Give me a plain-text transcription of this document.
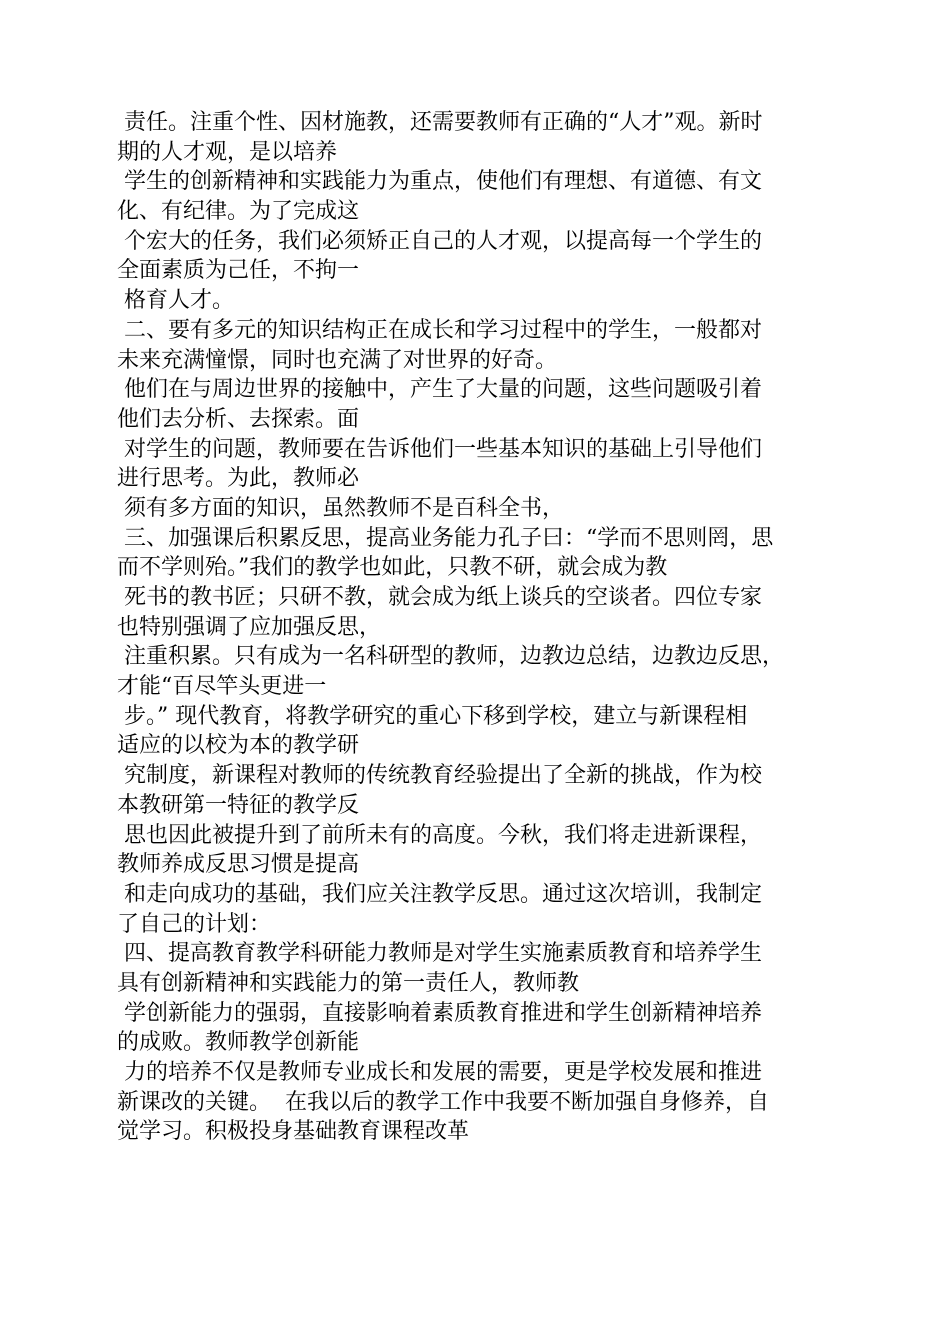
责任。注重个性、因材施教，还需要教师有正确的“人才”观。新时
期的人才观，是以培养
学生的创新精神和实践能力为重点，使他们有理想、有道德、有文
化、有纪律。为了完成这
个宏大的任务，我们必须矫正自己的人才观，以提高每一个学生的
全面素质为己任，不拘一
格育人才。
二、要有多元的知识结构正在成长和学习过程中的学生，一般都对
未来充满憧憬，同时也充满了对世界的好奇。
他们在与周边世界的接触中，产生了大量的问题，这些问题吸引着
他们去分析、去探索。面
对学生的问题，教师要在告诉他们一些基本知识的基础上引导他们
进行思考。为此，教师必
须有多方面的知识，虽然教师不是百科全书，
三、加强课后积累反思，提高业务能力孔子曰：“学而不思则罔，思
而不学则殆。”我们的教学也如此，只教不研，就会成为教
死书的教书匠；只研不教，就会成为纸上谈兵的空谈者。四位专家
也特别强调了应加强反思，
注重积累。只有成为一名科研型的教师，边教边总结，边教边反思，
才能“百尽竿头更进一
步。” 现代教育，将教学研究的重心下移到学校，建立与新课程相
适应的以校为本的教学研
究制度，新课程对教师的传统教育经验提出了全新的挑战，作为校
本教研第一特征的教学反
思也因此被提升到了前所未有的高度。今秋，我们将走进新课程，
教师养成反思习惯是提高
和走向成功的基础，我们应关注教学反思。通过这次培训，我制定
了自己的计划：
四、提高教育教学科研能力教师是对学生实施素质教育和培养学生
具有创新精神和实践能力的第一责任人，教师教
学创新能力的强弱，直接影响着素质教育推进和学生创新精神培养
的成败。教师教学创新能
力的培养不仅是教师专业成长和发展的需要，更是学校发展和推进
新课改的关键。  在我以后的教学工作中我要不断加强自身修养，自
觉学习。积极投身基础教育课程改革
